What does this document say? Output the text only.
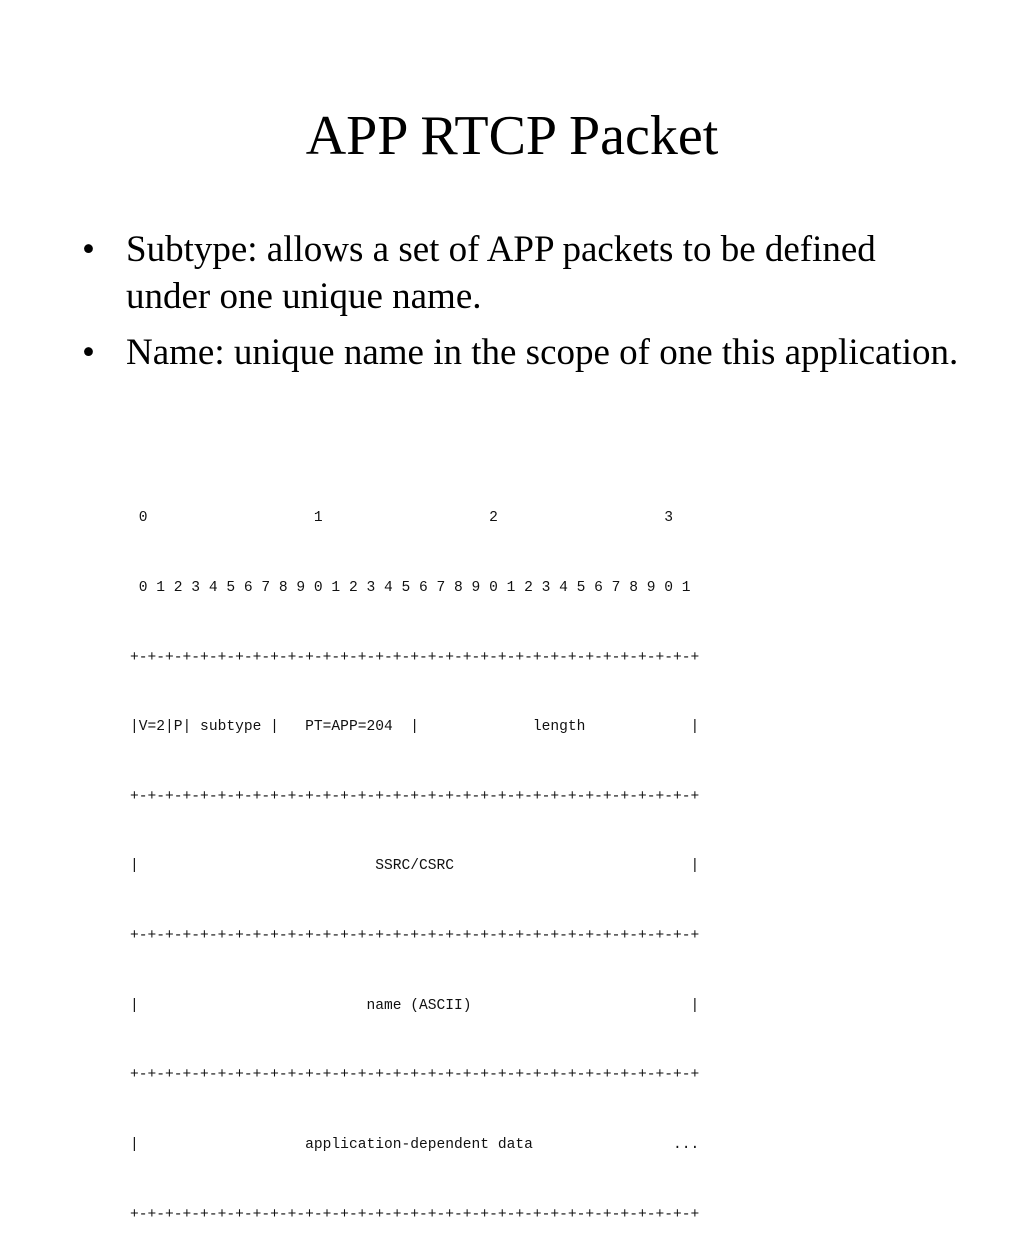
APP RTCP Packet
• Subtype: allows a set of APP packets to be defined under one unique name.
• Name: unique name in the scope of one this application.

0                   1                   2                   3

0 1 2 3 4 5 6 7 8 9 0 1 2 3 4 5 6 7 8 9 0 1 2 3 4 5 6 7 8 9 0 1

+-+-+-+-+-+-+-+-+-+-+-+-+-+-+-+-+-+-+-+-+-+-+-+-+-+-+-+-+-+-+-+-+

|V=2|P| subtype |   PT=APP=204  |             length            |

+-+-+-+-+-+-+-+-+-+-+-+-+-+-+-+-+-+-+-+-+-+-+-+-+-+-+-+-+-+-+-+-+

|                           SSRC/CSRC                           |

+-+-+-+-+-+-+-+-+-+-+-+-+-+-+-+-+-+-+-+-+-+-+-+-+-+-+-+-+-+-+-+-+

|                          name (ASCII)                         |

+-+-+-+-+-+-+-+-+-+-+-+-+-+-+-+-+-+-+-+-+-+-+-+-+-+-+-+-+-+-+-+-+

|                   application-dependent data                ...

+-+-+-+-+-+-+-+-+-+-+-+-+-+-+-+-+-+-+-+-+-+-+-+-+-+-+-+-+-+-+-+-+
